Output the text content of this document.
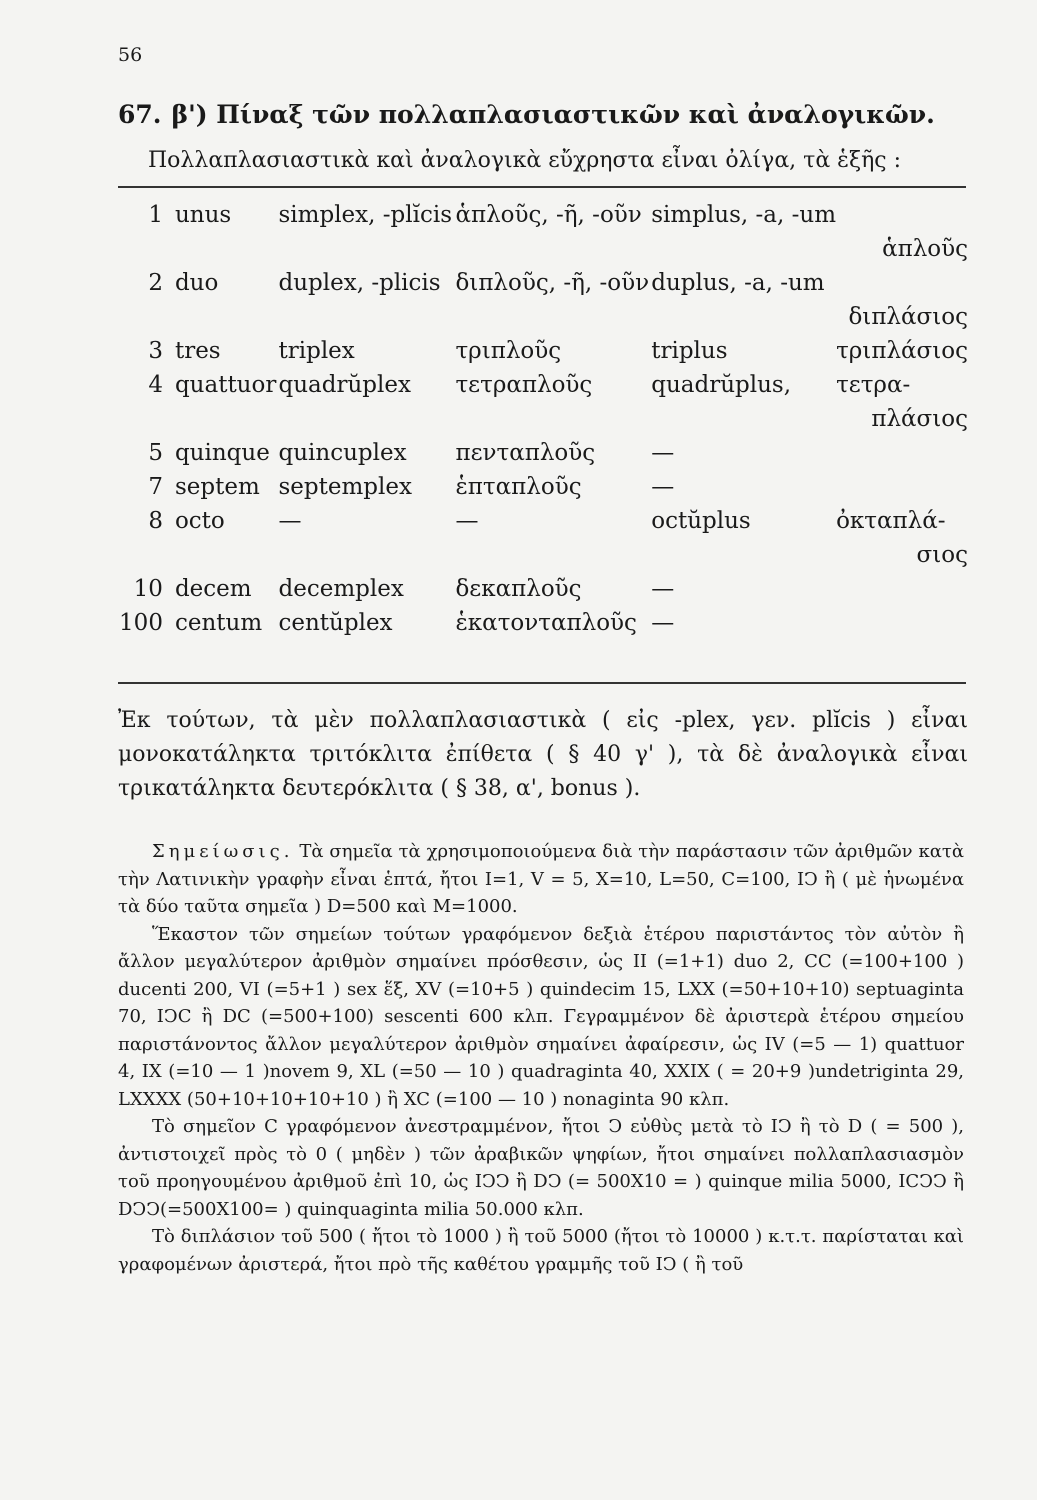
56
67. β') Πίναξ τῶν πολλαπλασιαστικῶν καὶ ἀναλογικῶν.
Πολλαπλασιαστικὰ καὶ ἀναλογικὰ εὔχρηστα εἶναι ὀλίγα, τὰ ἑξῆς :
1	unus	simplex, -plĭcis	ἁπλοῦς, -ῆ, -οῦν	simplus, -a, -um	
ἁπλοῦς					
2	duo	duplex, -plicis	διπλοῦς, -ῆ, -οῦν	duplus, -a, -um	
διπλάσιος					
3	tres	triplex	τριπλοῦς	triplus	τριπλάσιος
4	quattuor	quadrŭplex	τετραπλοῦς	quadrŭplus,	τετρα-
πλάσιος					
5	quinque	quincuplex	πενταπλοῦς	—	
7	septem	septemplex	ἑπταπλοῦς	—	
8	octo	—	—	octŭplus	ὀκταπλά-
σιος					
10	decem	decemplex	δεκαπλοῦς	—	
100	centum	centŭplex	ἑκατονταπλοῦς	—	
Ἐκ τούτων, τὰ μὲν πολλαπλασιαστικὰ ( εἰς -plex, γεν. plĭcis ) εἶναι μονοκατάληκτα τριτόκλιτα ἐπίθετα ( § 40 γ' ), τὰ δὲ ἀναλογικὰ εἶναι τρικατάληκτα δευτερόκλιτα ( § 38, α', bonus ).

Σημείωσις. Τὰ σημεῖα τὰ χρησιμοποιούμενα διὰ τὴν παράστασιν τῶν ἀριθμῶν κατὰ τὴν Λατινικὴν γραφὴν εἶναι ἑπτά, ἤτοι I=1, V = 5, X=10, L=50, C=100, IↃ ἢ ( μὲ ἡνωμένα τὰ δύο ταῦτα σημεῖα ) D=500 καὶ M=1000.

Ἕκαστον τῶν σημείων τούτων γραφόμενον δεξιὰ ἑτέρου παριστάντος τὸν αὐτὸν ἢ ἄλλον μεγαλύτερον ἀριθμὸν σημαίνει πρόσθεσιν, ὡς II (=1+1) duo 2, CC (=100+100 ) ducenti 200, VI (=5+1 ) sex ἕξ, XV (=10+5 ) quindecim 15, LXX (=50+10+10) septuaginta 70, IↃC ἢ DC (=500+100) sescenti 600 κλπ. Γεγραμμένον δὲ ἀριστερὰ ἑτέρου σημείου παριστάνοντος ἄλλον μεγαλύτερον ἀριθμὸν σημαίνει ἀφαίρεσιν, ὡς IV (=5 — 1) quattuor 4, IX (=10 — 1 )novem 9, XL (=50 — 10 ) quadraginta 40, XXIX ( = 20+9 )undetriginta 29, LXXXX (50+10+10+10+10 ) ἢ XC (=100 — 10 ) nonaginta 90 κλπ.

Τὸ σημεῖον C γραφόμενον ἀνεστραμμένον, ἤτοι Ↄ εὐθὺς μετὰ τὸ IↃ ἢ τὸ D ( = 500 ), ἀντιστοιχεῖ πρὸς τὸ 0 ( μηδὲν ) τῶν ἀραβικῶν ψηφίων, ἤτοι σημαίνει πολλαπλασιασμὸν τοῦ προηγουμένου ἀριθμοῦ ἐπὶ 10, ὡς IↃↃ ἢ DↃ (= 500X10 = ) quinque milia 5000, ICↃↃ ἢ DↃↃ(=500X100= ) quinquaginta milia 50.000 κλπ.

Τὸ διπλάσιον τοῦ 500 ( ἤτοι τὸ 1000 ) ἢ τοῦ 5000 (ἤτοι τὸ 10000 ) κ.τ.τ. παρίσταται καὶ γραφομένων ἀριστερά, ἤτοι πρὸ τῆς καθέτου γραμμῆς τοῦ IↃ ( ἢ τοῦ
